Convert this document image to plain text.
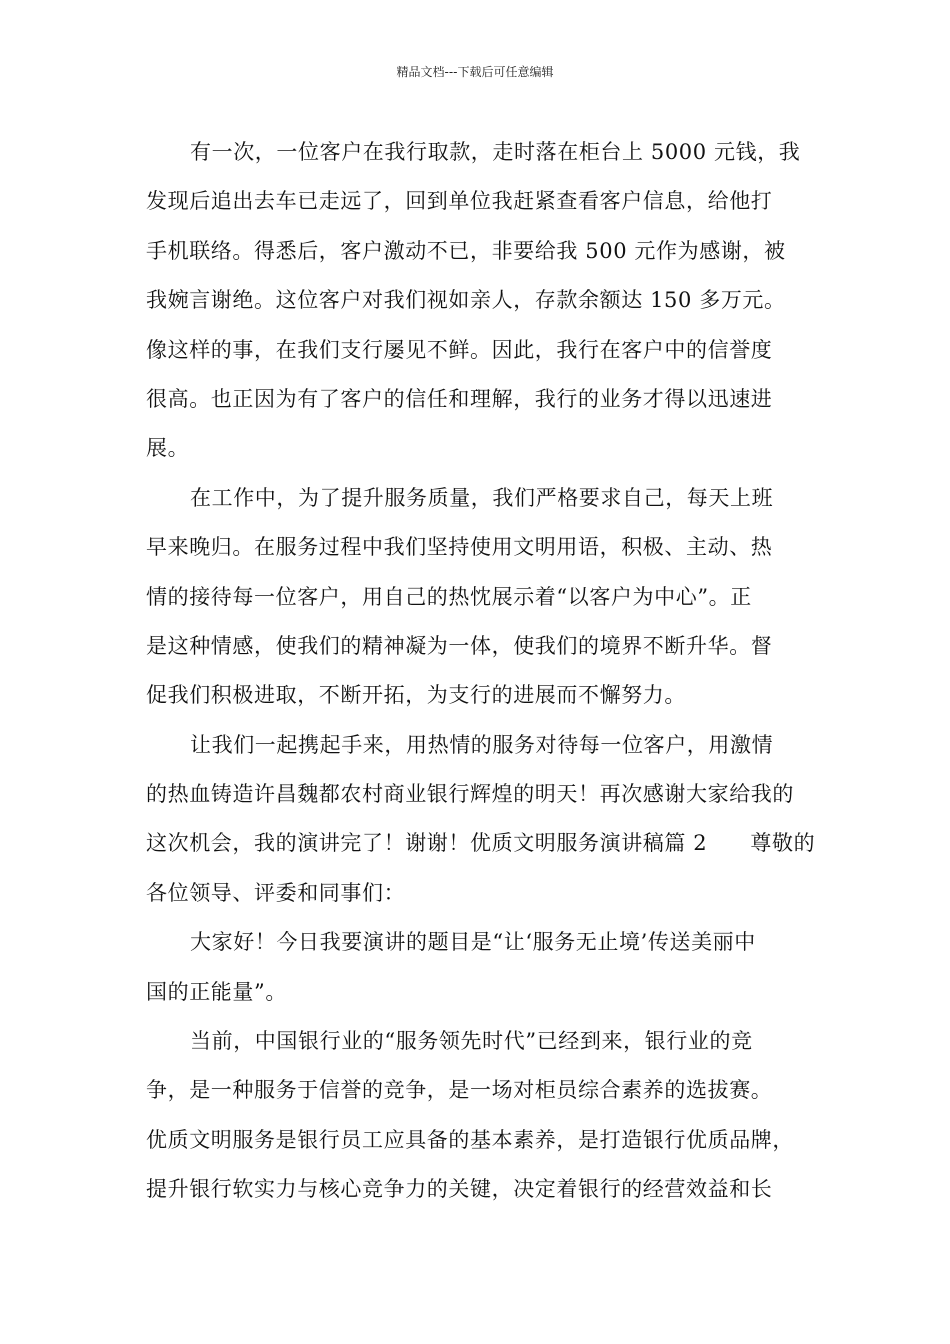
精品文档---下载后可任意编辑

有一次，一位客户在我行取款，走时落在柜台上 5000 元钱，我
发现后追出去车已走远了，回到单位我赶紧查看客户信息，给他打
手机联络。得悉后，客户激动不已，非要给我 500 元作为感谢，被
我婉言谢绝。这位客户对我们视如亲人，存款余额达 150 多万元。
像这样的事，在我们支行屡见不鲜。因此，我行在客户中的信誉度
很高。也正因为有了客户的信任和理解，我行的业务才得以迅速进
展。

在工作中，为了提升服务质量，我们严格要求自己，每天上班
早来晚归。在服务过程中我们坚持使用文明用语，积极、主动、热
情的接待每一位客户，用自己的热忱展示着“以客户为中心”。正
是这种情感，使我们的精神凝为一体，使我们的境界不断升华。督
促我们积极进取，不断开拓，为支行的进展而不懈努力。

让我们一起携起手来，用热情的服务对待每一位客户，用激情
的热血铸造许昌魏都农村商业银行辉煌的明天！再次感谢大家给我的
这次机会，我的演讲完了！谢谢！优质文明服务演讲稿篇 2　　尊敬的
各位领导、评委和同事们：

大家好！今日我要演讲的题目是“让‘服务无止境’传送美丽中
国的正能量”。

当前，中国银行业的“服务领先时代”已经到来，银行业的竞
争，是一种服务于信誉的竞争，是一场对柜员综合素养的选拔赛。
优质文明服务是银行员工应具备的基本素养，是打造银行优质品牌，
提升银行软实力与核心竞争力的关键，决定着银行的经营效益和长
